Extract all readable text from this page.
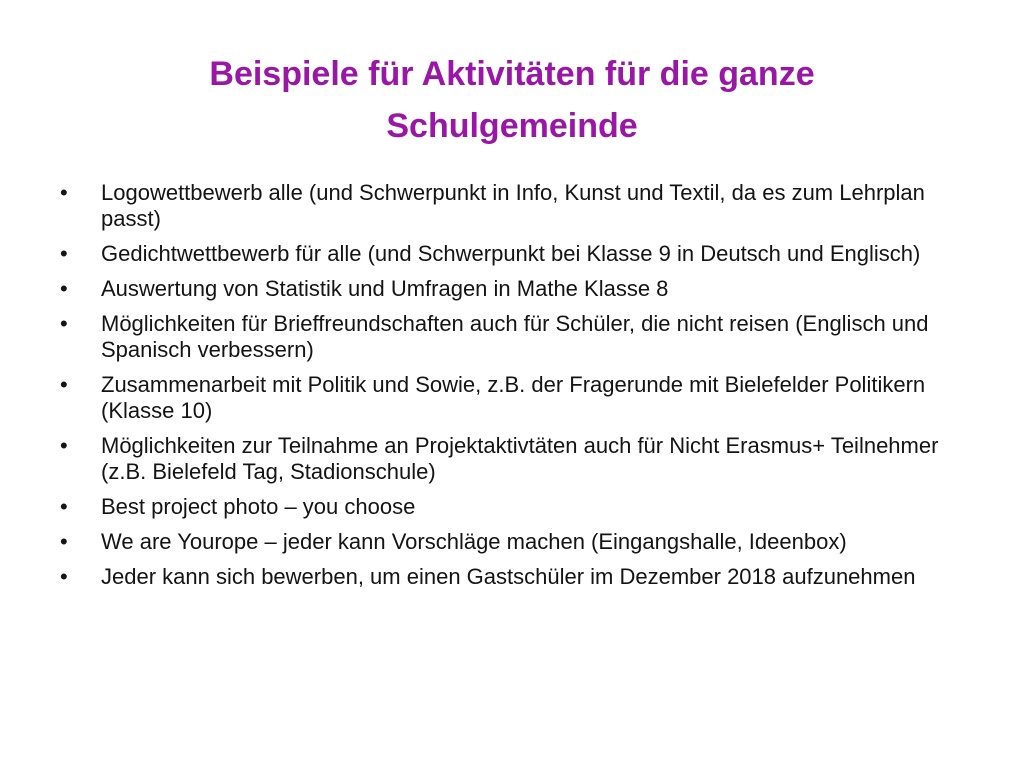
Beispiele für Aktivitäten für die ganze Schulgemeinde
•	Logowettbewerb alle (und Schwerpunkt in Info, Kunst und Textil, da es zum Lehrplan passt)
•	Gedichtwettbewerb für alle (und Schwerpunkt bei Klasse 9 in Deutsch und Englisch)
•	Auswertung von Statistik und Umfragen in Mathe Klasse 8
•	Möglichkeiten für Brieffreundschaften auch für Schüler, die nicht reisen (Englisch und Spanisch verbessern)
•	Zusammenarbeit mit Politik und Sowie, z.B. der Fragerunde mit Bielefelder Politikern (Klasse 10)
•	Möglichkeiten zur Teilnahme an Projektaktivtäten auch für Nicht Erasmus+ Teilnehmer (z.B. Bielefeld Tag, Stadionschule)
•	Best project photo – you choose
•	We are Yourope – jeder kann Vorschläge machen (Eingangshalle, Ideenbox)
•	Jeder kann sich bewerben, um einen Gastschüler im Dezember 2018 aufzunehmen
